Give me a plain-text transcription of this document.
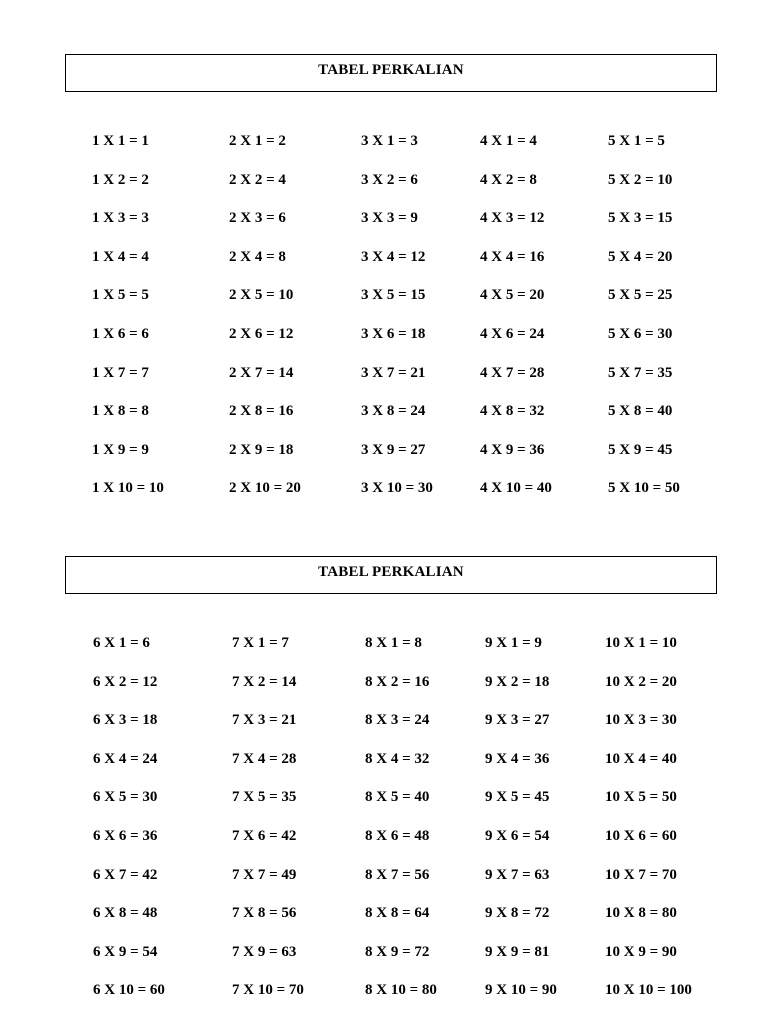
TABEL PERKALIAN
1 X 1 = 1
1 X 2 = 2
1 X 3 = 3
1 X 4 = 4
1 X 5 = 5
1 X 6 = 6
1 X 7 = 7
1 X 8 = 8
1 X 9 = 9
1 X 10 = 10
2 X 1 = 2
2 X 2 = 4
2 X 3 = 6
2 X 4 = 8
2 X 5 = 10
2 X 6 = 12
2 X 7 = 14
2 X 8 = 16
2 X 9 = 18
2 X 10 = 20
3 X 1 = 3
3 X 2 = 6
3 X 3 = 9
3 X 4 = 12
3 X 5 = 15
3 X 6 = 18
3 X 7 = 21
3 X 8 = 24
3 X 9 = 27
3 X 10 = 30
4 X 1 = 4
4 X 2 = 8
4 X 3 = 12
4 X 4 = 16
4 X 5 = 20
4 X 6 = 24
4 X 7 = 28
4 X 8 = 32
4 X 9 = 36
4 X 10 = 40
5 X 1 = 5
5 X 2 = 10
5 X 3 = 15
5 X 4 = 20
5 X 5 = 25
5 X 6 = 30
5 X 7 = 35
5 X 8 = 40
5 X 9 = 45
5 X 10 = 50
TABEL PERKALIAN
6 X 1 = 6
6 X 2 = 12
6 X 3 = 18
6 X 4 = 24
6 X 5 = 30
6 X 6 = 36
6 X 7 = 42
6 X 8 = 48
6 X 9 = 54
6 X 10 = 60
7 X 1 = 7
7 X 2 = 14
7 X 3 = 21
7 X 4 = 28
7 X 5 = 35
7 X 6 = 42
7 X 7 = 49
7 X 8 = 56
7 X 9 = 63
7 X 10 = 70
8 X 1 = 8
8 X 2 = 16
8 X 3 = 24
8 X 4 = 32
8 X 5 = 40
8 X 6 = 48
8 X 7 = 56
8 X 8 = 64
8 X 9 = 72
8 X 10 = 80
9 X 1 = 9
9 X 2 = 18
9 X 3 = 27
9 X 4 = 36
9 X 5 = 45
9 X 6 = 54
9 X 7 = 63
9 X 8 = 72
9 X 9 = 81
9 X 10 = 90
10 X 1 = 10
10 X 2 = 20
10 X 3 = 30
10 X 4 = 40
10 X 5 = 50
10 X 6 = 60
10 X 7 = 70
10 X 8 = 80
10 X 9 = 90
10 X 10 = 100
